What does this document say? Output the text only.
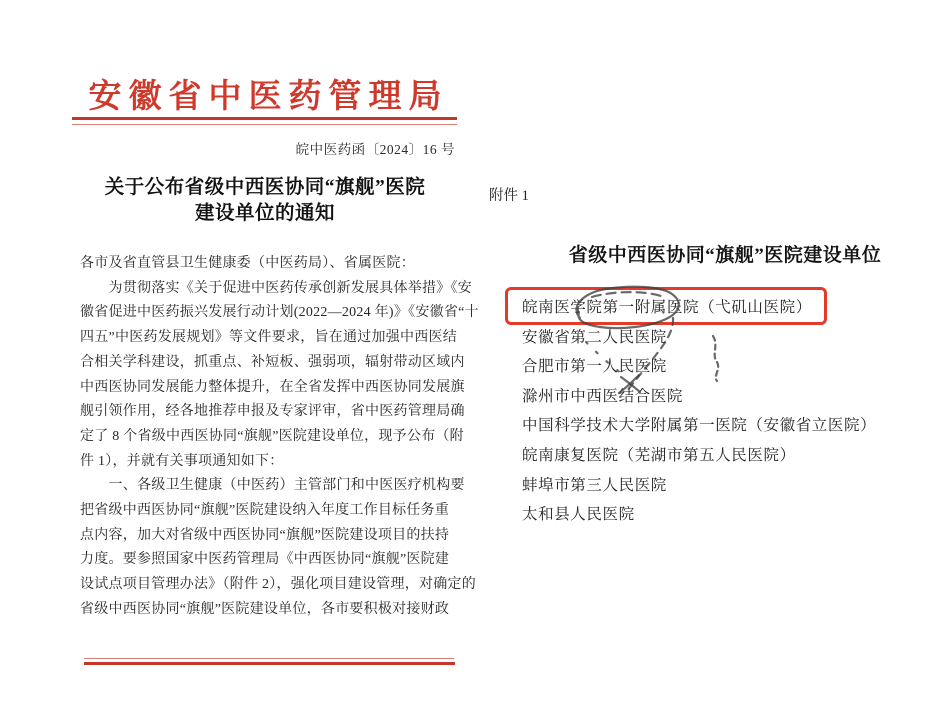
安徽省中医药管理局
皖中医药函〔2024〕16 号
关于公布省级中西医协同“旗舰”医院
建设单位的通知
各市及省直管县卫生健康委（中医药局）、省属医院：
　　为贯彻落实《关于促进中医药传承创新发展具体举措》《安
徽省促进中医药振兴发展行动计划(2022—2024 年)》《安徽省“十
四五”中医药发展规划》等文件要求，旨在通过加强中西医结
合相关学科建设，抓重点、补短板、强弱项，辐射带动区域内
中西医协同发展能力整体提升，在全省发挥中西医协同发展旗
舰引领作用，经各地推荐申报及专家评审，省中医药管理局确
定了 8 个省级中西医协同“旗舰”医院建设单位，现予公布（附
件 1），并就有关事项通知如下：
　　一、各级卫生健康（中医药）主管部门和中医医疗机构要
把省级中西医协同“旗舰”医院建设纳入年度工作目标任务重
点内容，加大对省级中西医协同“旗舰”医院建设项目的扶持
力度。要参照国家中医药管理局《中西医协同“旗舰”医院建
设试点项目管理办法》（附件 2），强化项目建设管理，对确定的
省级中西医协同“旗舰”医院建设单位，各市要积极对接财政
附件 1
省级中西医协同“旗舰”医院建设单位
皖南医学院第一附属医院（弋矶山医院）
安徽省第二人民医院
合肥市第一人民医院
滁州市中西医结合医院
中国科学技术大学附属第一医院（安徽省立医院）
皖南康复医院（芜湖市第五人民医院）
蚌埠市第三人民医院
太和县人民医院
